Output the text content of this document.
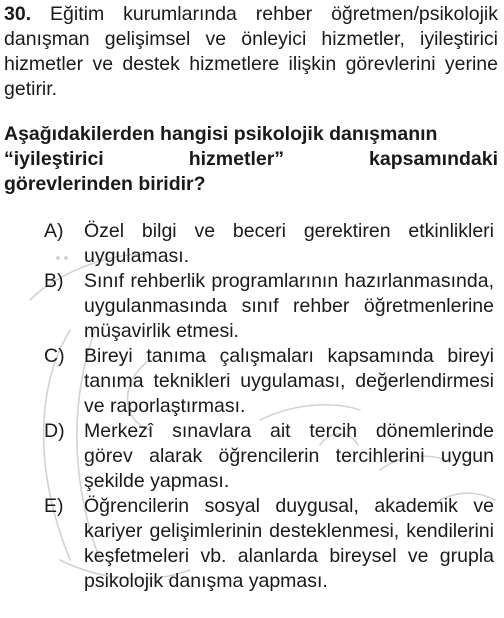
30. Eğitim kurumlarında rehber öğretmen/psikolojik danışman gelişimsel ve önleyici hizmetler, iyileştirici hizmetler ve destek hizmetlere ilişkin görevlerini yerine getirir.

Aşağıdakilerden hangisi psikolojik danışmanın
“iyileştirici	hizmetler”	kapsamındaki
görevlerinden biridir?
A)	Özel bilgi ve beceri gerektiren etkinlikleri uygulaması.
B)	Sınıf rehberlik programlarının hazırlanmasında, uygulanmasında sınıf rehber öğretmenlerine müşavirlik etmesi.
C) Bireyi tanıma çalışmaları kapsamında bireyi tanıma teknikleri uygulaması, değerlendirmesi ve raporlaştırması.
D) Merkezî sınavlara ait tercih dönemlerinde görev alarak öğrencilerin tercihlerini uygun şekilde yapması.
E)	Öğrencilerin sosyal duygusal, akademik ve kariyer gelişimlerinin desteklenmesi, kendilerini keşfetmeleri vb. alanlarda bireysel ve grupla psikolojik danışma yapması.
